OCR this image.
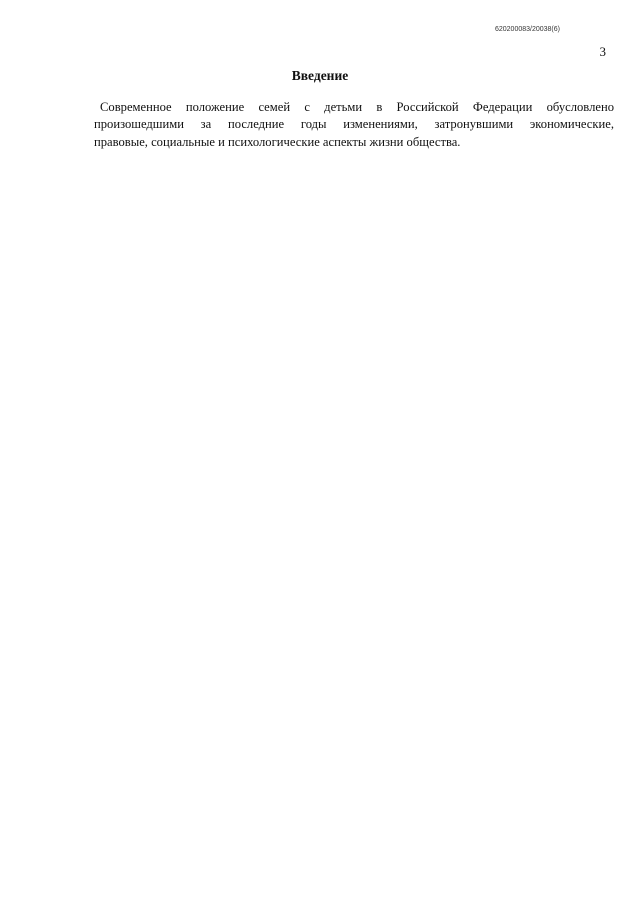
620200083/20038(6)
3
Введение

Современное положение семей с детьми в Российской Федерации обусловлено
произошедшими за последние годы изменениями, затронувшими экономические,
правовые, социальные и психологические аспекты жизни общества.
